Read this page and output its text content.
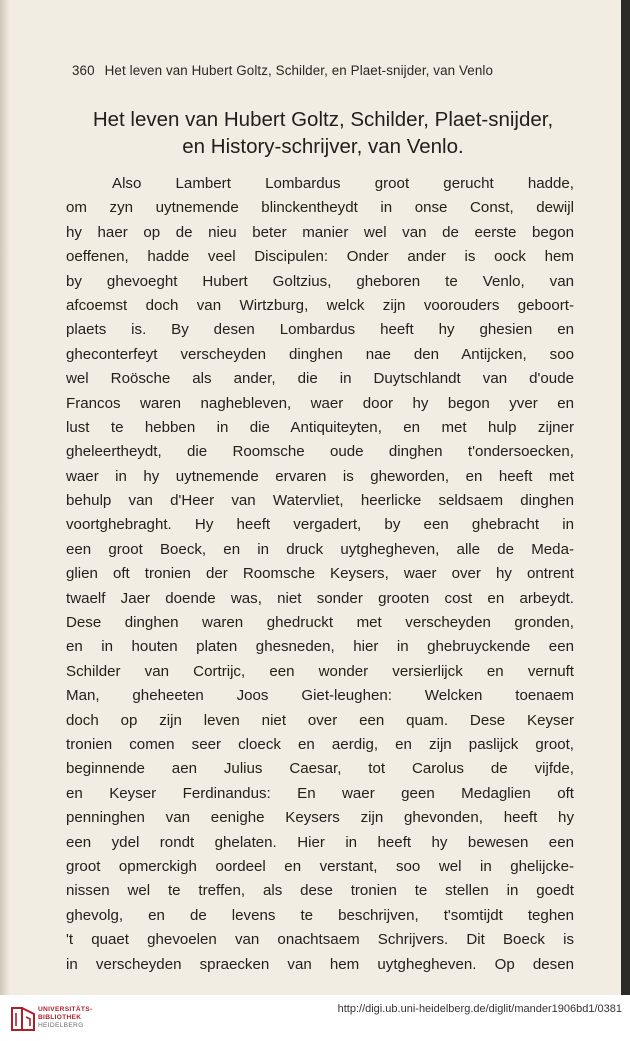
360 Het leven van Hubert Goltz, Schilder, en Plaet-snijder, van Venlo
Het leven van Hubert Goltz, Schilder, Plaet-snijder,
en History-schrijver, van Venlo.
Also Lambert Lombardus groot gerucht hadde,
om zyn uytnemende blinckentheydt in onse Const, dewijl
hy haer op de nieu beter manier wel van de eerste begon
oeffenen, hadde veel Discipulen: Onder ander is oock hem
by ghevoeght Hubert Goltzius, gheboren te Venlo, van
afcoemst doch van Wirtzburg, welck zijn voorouders geboort-
plaets is. By desen Lombardus heeft hy ghesien en
gheconterfeyt verscheyden dinghen nae den Antijcken, soo
wel Roösche als ander, die in Duytschlandt van d'oude
Francos waren naghebleven, waer door hy begon yver en
lust te hebben in die Antiquiteyten, en met hulp zijner
gheleertheydt, die Roomsche oude dinghen t'ondersoecken,
waer in hy uytnemende ervaren is gheworden, en heeft met
behulp van d'Heer van Watervliet, heerlicke seldsaem dinghen
voortghebraght. Hy heeft vergadert, by een ghebracht in
een groot Boeck, en in druck uytghegheven, alle de Meda-
glien oft tronien der Roomsche Keysers, waer over hy ontrent
twaelf Jaer doende was, niet sonder grooten cost en arbeydt.
Dese dinghen waren ghedruckt met verscheyden gronden,
en in houten platen ghesneden, hier in ghebruyckende een
Schilder van Cortrijc, een wonder versierlijck en vernuft
Man, gheheeten Joos Giet-leughen: Welcken toenaem
doch op zijn leven niet over een quam. Dese Keyser
tronien comen seer cloeck en aerdig, en zijn paslijck groot,
beginnende aen Julius Caesar, tot Carolus de vijfde,
en Keyser Ferdinandus: En waer geen Medaglien oft
penninghen van eenighe Keysers zijn ghevonden, heeft hy
een ydel rondt ghelaten. Hier in heeft hy bewesen een
groot opmerckigh oordeel en verstant, soo wel in ghelijcke-
nissen wel te treffen, als dese tronien te stellen in goedt
ghevolg, en de levens te beschrijven, t'somtijdt teghen
't quaet ghevoelen van onachtsaem Schrijvers. Dit Boeck is
in verscheyden spraecken van hem uytghegheven. Op desen
UNIVERSITÄTS-
BIBLIOTHEK
HEIDELBERG
http://digi.ub.uni-heidelberg.de/diglit/mander1906bd1/0381
